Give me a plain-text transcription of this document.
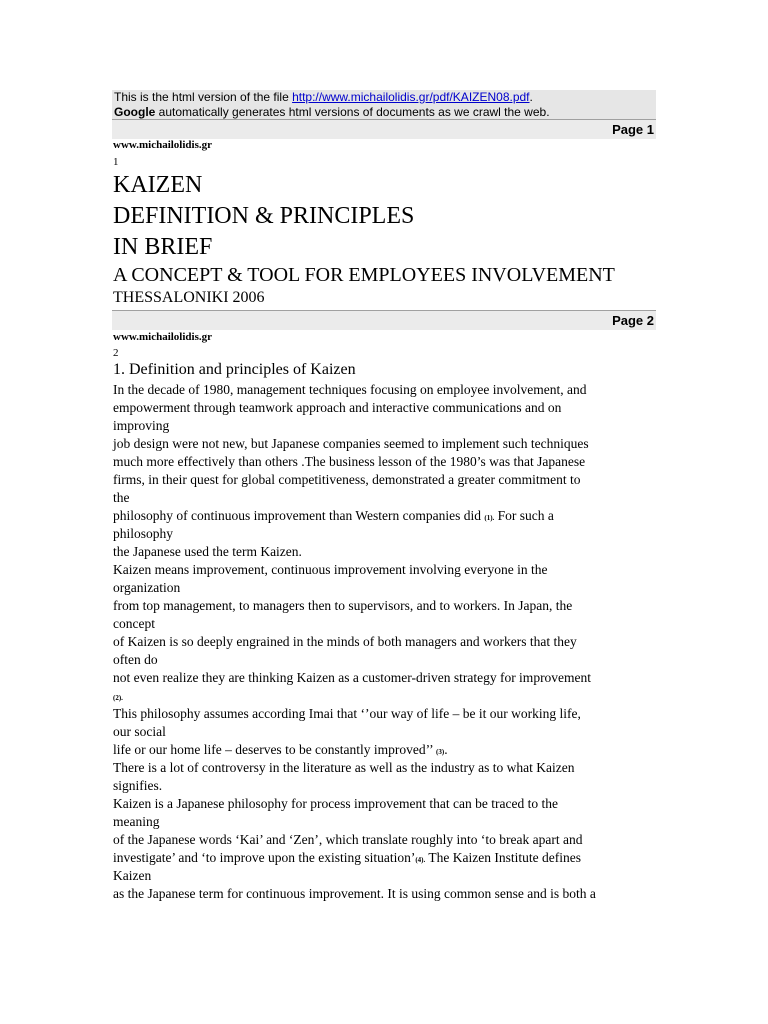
This is the html version of the file http://www.michailolidis.gr/pdf/KAIZEN08.pdf.
Google automatically generates html versions of documents as we crawl the web.
Page 1
www.michailolidis.gr
1
KAIZEN
DEFINITION & PRINCIPLES
IN BRIEF
A CONCEPT & TOOL FOR EMPLOYEES INVOLVEMENT
THESSALONIKI 2006
Page 2
www.michailolidis.gr
2
1. Definition and principles of Kaizen
In the decade of 1980, management techniques focusing on employee involvement, and
empowerment through teamwork approach and interactive communications and on
improving
job design were not new, but Japanese companies seemed to implement such techniques
much more effectively than others .The business lesson of the 1980’s was that Japanese
firms, in their quest for global competitiveness, demonstrated a greater commitment to
the
philosophy of continuous improvement than Western companies did (1). For such a
philosophy
the Japanese used the term Kaizen.
Kaizen means improvement, continuous improvement involving everyone in the
organization
from top management, to managers then to supervisors, and to workers. In Japan, the
concept
of Kaizen is so deeply engrained in the minds of both managers and workers that they
often do
not even realize they are thinking Kaizen as a customer-driven strategy for improvement
(2).
This philosophy assumes according Imai that ‘’our way of life – be it our working life,
our social
life or our home life – deserves to be constantly improved’’ (3).
There is a lot of controversy in the literature as well as the industry as to what Kaizen
signifies.
Kaizen is a Japanese philosophy for process improvement that can be traced to the
meaning
of the Japanese words ‘Kai’ and ‘Zen’, which translate roughly into ‘to break apart and
investigate’ and ‘to improve upon the existing situation’(4). The Kaizen Institute defines
Kaizen
as the Japanese term for continuous improvement. It is using common sense and is both a
